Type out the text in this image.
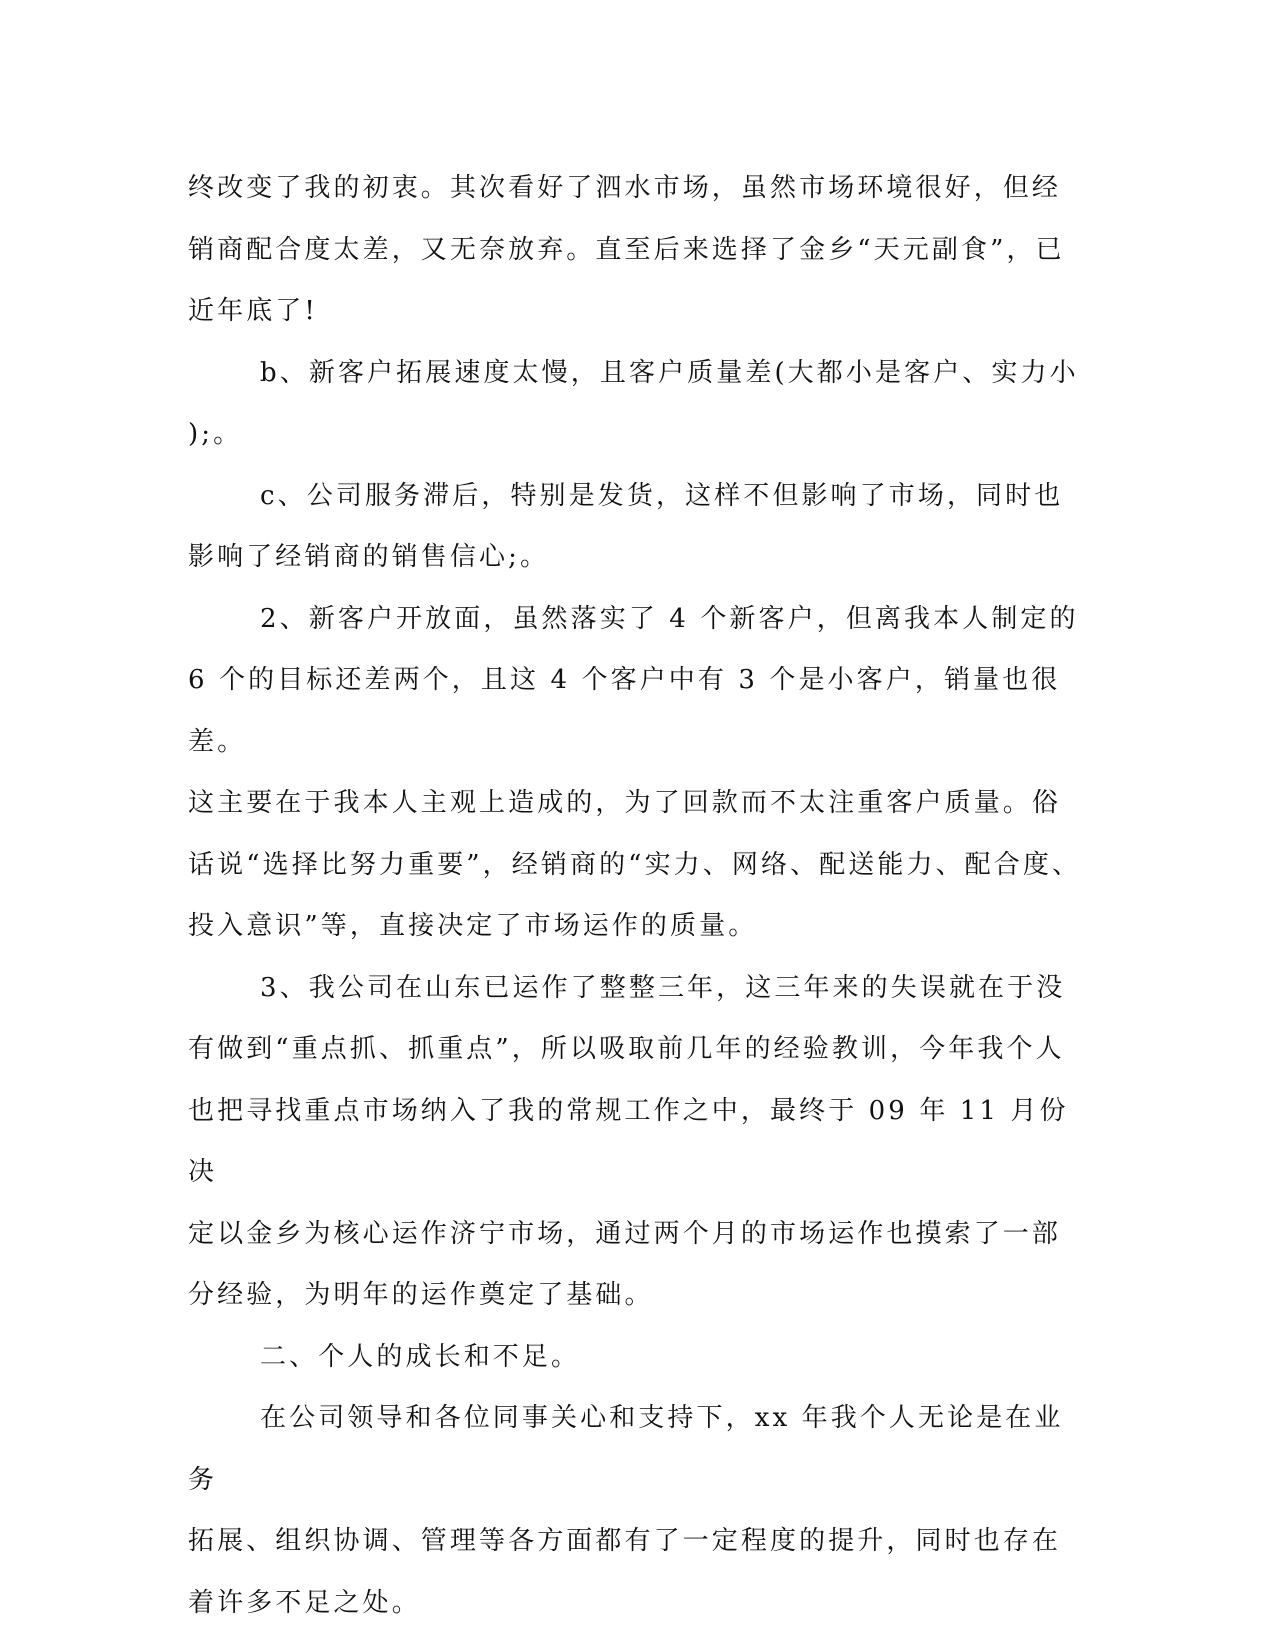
终改变了我的初衷。其次看好了泗水市场，虽然市场环境很好，但经

销商配合度太差，又无奈放弃。直至后来选择了金乡“天元副食”，已

近年底了!

b、新客户拓展速度太慢，且客户质量差(大都小是客户、实力小

);。

c、公司服务滞后，特别是发货，这样不但影响了市场，同时也

影响了经销商的销售信心;。

2、新客户开放面，虽然落实了 4 个新客户，但离我本人制定的

6 个的目标还差两个，且这 4 个客户中有 3 个是小客户，销量也很差。

这主要在于我本人主观上造成的，为了回款而不太注重客户质量。俗

话说“选择比努力重要”，经销商的“实力、网络、配送能力、配合度、

投入意识”等，直接决定了市场运作的质量。

3、我公司在山东已运作了整整三年，这三年来的失误就在于没

有做到“重点抓、抓重点”，所以吸取前几年的经验教训，今年我个人

也把寻找重点市场纳入了我的常规工作之中，最终于 09 年 11 月份决

定以金乡为核心运作济宁市场，通过两个月的市场运作也摸索了一部

分经验，为明年的运作奠定了基础。

二、个人的成长和不足。

在公司领导和各位同事关心和支持下，xx 年我个人无论是在业务

拓展、组织协调、管理等各方面都有了一定程度的提升，同时也存在

着许多不足之处。
